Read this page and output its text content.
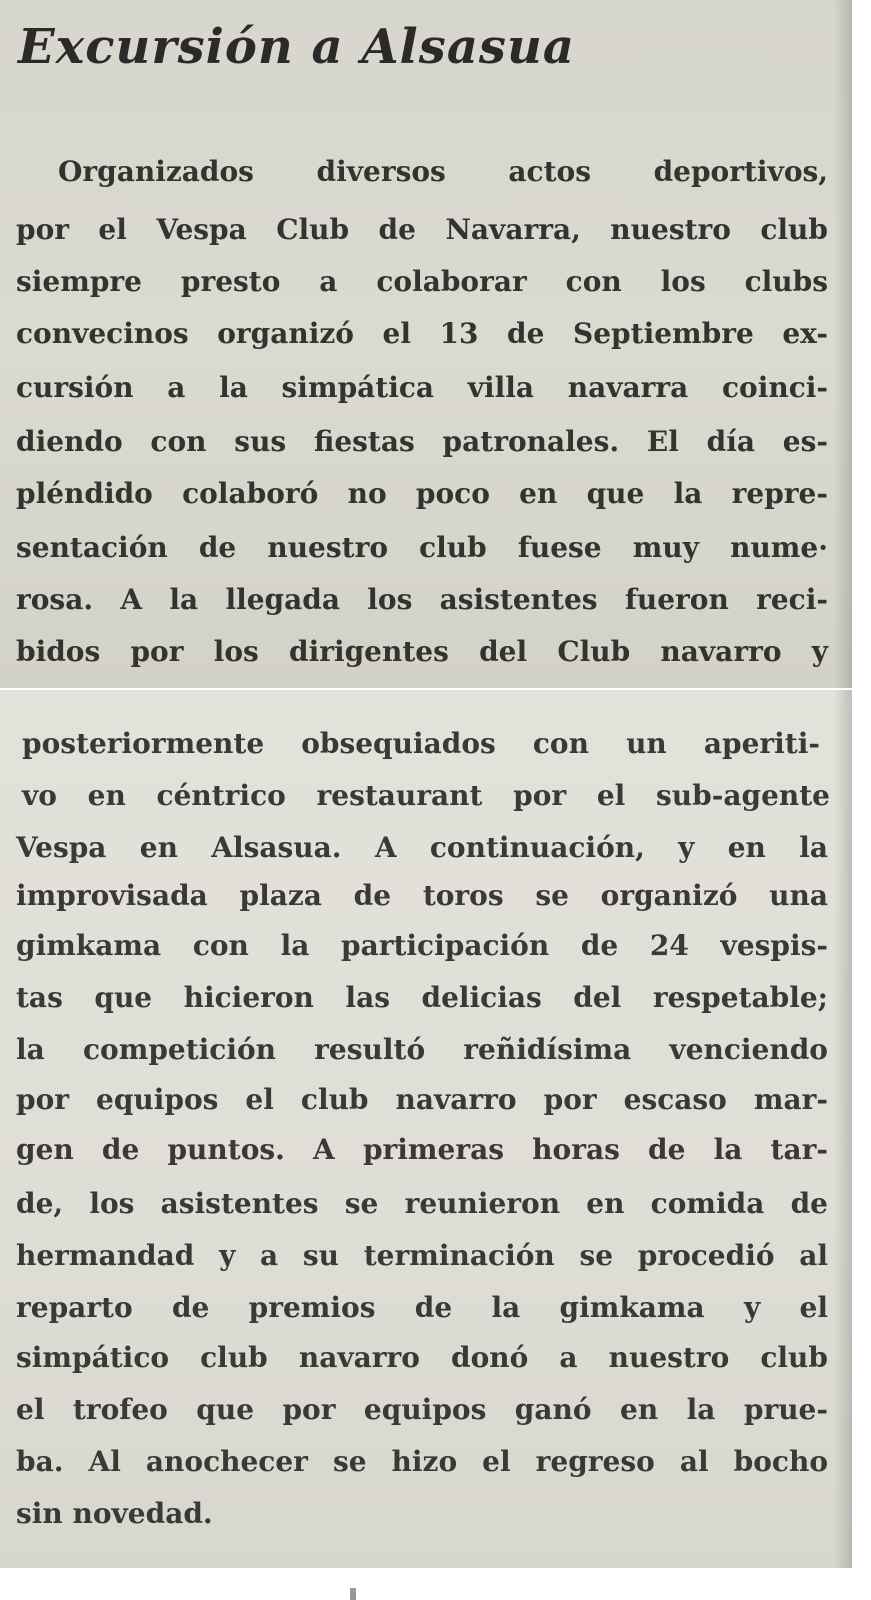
Excursión a Alsasua
Organizados diversos actos deportivos,
por el Vespa Club de Navarra, nuestro club
siempre presto a colaborar con los clubs
convecinos organizó el 13 de Septiembre ex-
cursión a la simpática villa navarra coinci-
diendo con sus fiestas patronales. El día es-
pléndido colaboró no poco en que la repre-
sentación de nuestro club fuese muy nume·
rosa. A la llegada los asistentes fueron reci-
bidos por los dirigentes del Club navarro y
posteriormente obsequiados con un aperiti-
vo en céntrico restaurant por el sub-agente
Vespa en Alsasua. A continuación, y en la
improvisada plaza de toros se organizó una
gimkama con la participación de 24 vespis-
tas que hicieron las delicias del respetable;
la competición resultó reñidísima venciendo
por equipos el club navarro por escaso mar-
gen de puntos. A primeras horas de la tar-
de, los asistentes se reunieron en comida de
hermandad y a su terminación se procedió al
reparto de premios de la gimkama y el
simpático club navarro donó a nuestro club
el trofeo que por equipos ganó en la prue-
ba. Al anochecer se hizo el regreso al bocho
sin novedad.
